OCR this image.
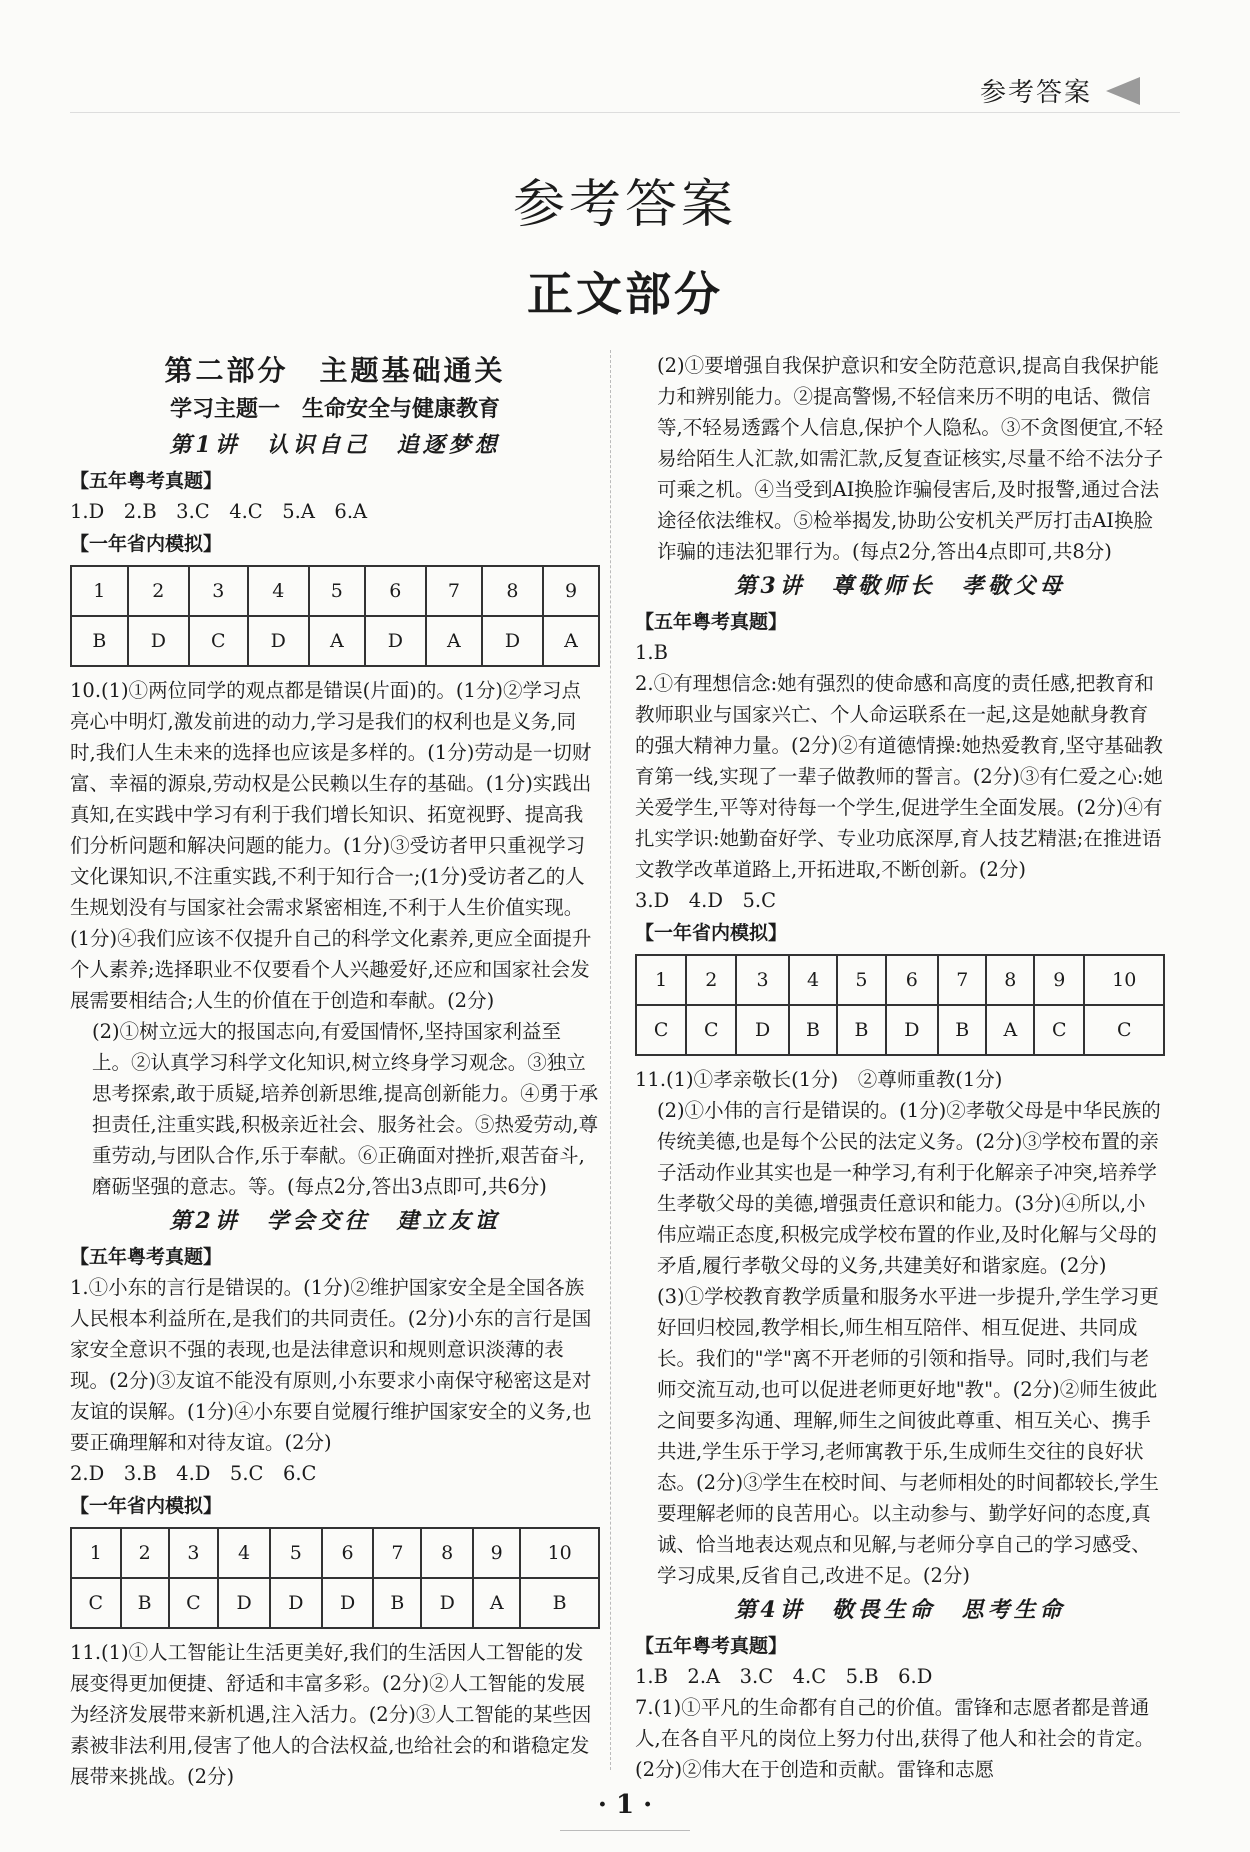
参考答案
参考答案
正文部分
第二部分　主题基础通关
学习主题一　生命安全与健康教育
第1讲　认识自己　追逐梦想
【五年粤考真题】

1.D　2.B　3.C　4.C　5.A　6.A

【一年省内模拟】
1	2	3	4	5	6	7	8	9
B	D	C	D	A	D	A	D	A

10.(1)①两位同学的观点都是错误(片面)的。(1分)②学习点亮心中明灯,激发前进的动力,学习是我们的权利也是义务,同时,我们人生未来的选择也应该是多样的。(1分)劳动是一切财富、幸福的源泉,劳动权是公民赖以生存的基础。(1分)实践出真知,在实践中学习有利于我们增长知识、拓宽视野、提高我们分析问题和解决问题的能力。(1分)③受访者甲只重视学习文化课知识,不注重实践,不利于知行合一;(1分)受访者乙的人生规划没有与国家社会需求紧密相连,不利于人生价值实现。(1分)④我们应该不仅提升自己的科学文化素养,更应全面提升个人素养;选择职业不仅要看个人兴趣爱好,还应和国家社会发展需要相结合;人生的价值在于创造和奉献。(2分)

(2)①树立远大的报国志向,有爱国情怀,坚持国家利益至上。②认真学习科学文化知识,树立终身学习观念。③独立思考探索,敢于质疑,培养创新思维,提高创新能力。④勇于承担责任,注重实践,积极亲近社会、服务社会。⑤热爱劳动,尊重劳动,与团队合作,乐于奉献。⑥正确面对挫折,艰苦奋斗,磨砺坚强的意志。等。(每点2分,答出3点即可,共6分)

第2讲　学会交往　建立友谊
【五年粤考真题】

1.①小东的言行是错误的。(1分)②维护国家安全是全国各族人民根本利益所在,是我们的共同责任。(2分)小东的言行是国家安全意识不强的表现,也是法律意识和规则意识淡薄的表现。(2分)③友谊不能没有原则,小东要求小南保守秘密这是对友谊的误解。(1分)④小东要自觉履行维护国家安全的义务,也要正确理解和对待友谊。(2分)

2.D　3.B　4.D　5.C　6.C

【一年省内模拟】
1	2	3	4	5	6	7	8	9	10
C	B	C	D	D	D	B	D	A	B

11.(1)①人工智能让生活更美好,我们的生活因人工智能的发展变得更加便捷、舒适和丰富多彩。(2分)②人工智能的发展为经济发展带来新机遇,注入活力。(2分)③人工智能的某些因素被非法利用,侵害了他人的合法权益,也给社会的和谐稳定发展带来挑战。(2分)

(2)①要增强自我保护意识和安全防范意识,提高自我保护能力和辨别能力。②提高警惕,不轻信来历不明的电话、微信等,不轻易透露个人信息,保护个人隐私。③不贪图便宜,不轻易给陌生人汇款,如需汇款,反复查证核实,尽量不给不法分子可乘之机。④当受到AI换脸诈骗侵害后,及时报警,通过合法途径依法维权。⑤检举揭发,协助公安机关严厉打击AI换脸诈骗的违法犯罪行为。(每点2分,答出4点即可,共8分)

第3讲　尊敬师长　孝敬父母
【五年粤考真题】

1.B

2.①有理想信念:她有强烈的使命感和高度的责任感,把教育和教师职业与国家兴亡、个人命运联系在一起,这是她献身教育的强大精神力量。(2分)②有道德情操:她热爱教育,坚守基础教育第一线,实现了一辈子做教师的誓言。(2分)③有仁爱之心:她关爱学生,平等对待每一个学生,促进学生全面发展。(2分)④有扎实学识:她勤奋好学、专业功底深厚,育人技艺精湛;在推进语文教学改革道路上,开拓进取,不断创新。(2分)

3.D　4.D　5.C

【一年省内模拟】
1	2	3	4	5	6	7	8	9	10
C	C	D	B	B	D	B	A	C	C

11.(1)①孝亲敬长(1分)　②尊师重教(1分)

(2)①小伟的言行是错误的。(1分)②孝敬父母是中华民族的传统美德,也是每个公民的法定义务。(2分)③学校布置的亲子活动作业其实也是一种学习,有利于化解亲子冲突,培养学生孝敬父母的美德,增强责任意识和能力。(3分)④所以,小伟应端正态度,积极完成学校布置的作业,及时化解与父母的矛盾,履行孝敬父母的义务,共建美好和谐家庭。(2分)

(3)①学校教育教学质量和服务水平进一步提升,学生学习更好回归校园,教学相长,师生相互陪伴、相互促进、共同成长。我们的"学"离不开老师的引领和指导。同时,我们与老师交流互动,也可以促进老师更好地"教"。(2分)②师生彼此之间要多沟通、理解,师生之间彼此尊重、相互关心、携手共进,学生乐于学习,老师寓教于乐,生成师生交往的良好状态。(2分)③学生在校时间、与老师相处的时间都较长,学生要理解老师的良苦用心。以主动参与、勤学好问的态度,真诚、恰当地表达观点和见解,与老师分享自己的学习感受、学习成果,反省自己,改进不足。(2分)

第4讲　敬畏生命　思考生命
【五年粤考真题】

1.B　2.A　3.C　4.C　5.B　6.D

7.(1)①平凡的生命都有自己的价值。雷锋和志愿者都是普通人,在各自平凡的岗位上努力付出,获得了他人和社会的肯定。(2分)②伟大在于创造和贡献。雷锋和志愿

· 1 ·
